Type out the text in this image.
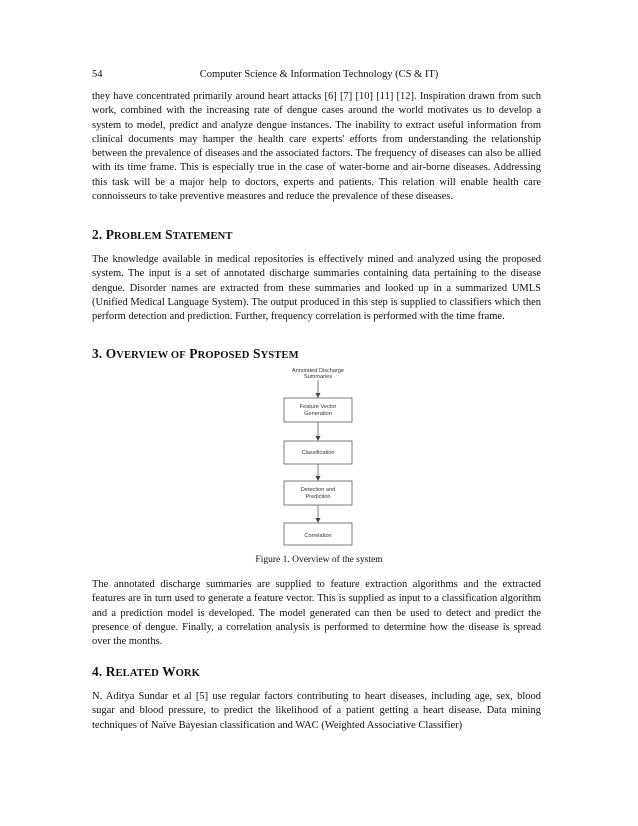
54	Computer Science & Information Technology (CS & IT)

they have concentrated primarily around heart attacks [6] [7] [10] [11] [12]. Inspiration drawn from such work, combined with the increasing rate of dengue cases around the world motivates us to develop a system to model, predict and analyze dengue instances. The inability to extract useful information from clinical documents may hamper the health care experts' efforts from understanding the relationship between the prevalence of diseases and the associated factors. The frequency of diseases can also be allied with its time frame. This is especially true in the case of water-borne and air-borne diseases. Addressing this task will be a major help to doctors, experts and patients. This relation will enable health care connoisseurs to take preventive measures and reduce the prevalence of these diseases.

2. PROBLEM STATEMENT

The knowledge available in medical repositories is effectively mined and analyzed using the proposed system. The input is a set of annotated discharge summaries containing data pertaining to the disease dengue. Disorder names are extracted from these summaries and looked up in a summarized UMLS (Unified Medical Language System). The output produced in this step is supplied to classifiers which then perform detection and prediction. Further, frequency correlation is performed with the time frame.

3. OVERVIEW OF PROPOSED SYSTEM
Annotated Discharge
Summaries
Feature Vector
Generation
Classification
Detection and
Prediction
Correlation
Figure 1. Overview of the system

The annotated discharge summaries are supplied to feature extraction algorithms and the extracted features are in turn used to generate a feature vector. This is supplied as input to a classification algorithm and a prediction model is developed. The model generated can then be used to detect and predict the presence of dengue. Finally, a correlation analysis is performed to determine how the disease is spread over the months.

4. RELATED WORK

N. Aditya Sundar et al [5] use regular factors contributing to heart diseases, including age, sex, blood sugar and blood pressure, to predict the likelihood of a patient getting a heart disease. Data mining techniques of Naïve Bayesian classification and WAC (Weighted Associative Classifier)
